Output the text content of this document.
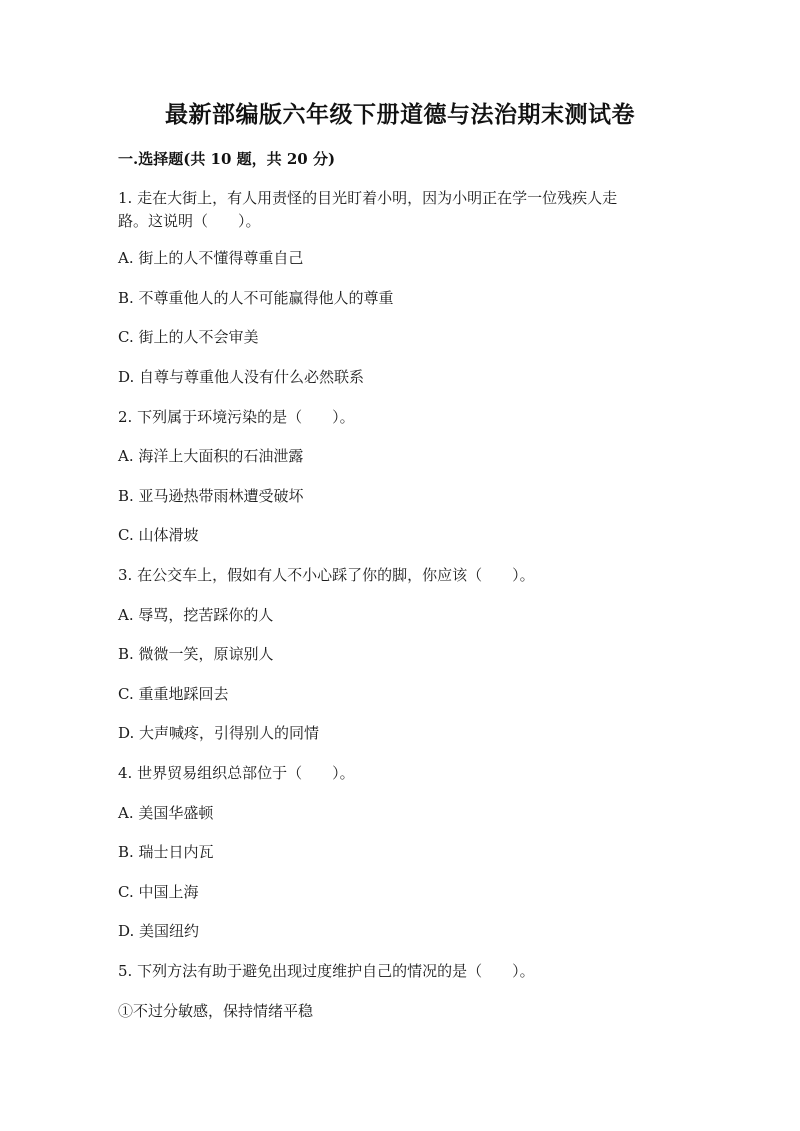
最新部编版六年级下册道德与法治期末测试卷
一.选择题(共 10 题，共 20 分)
1. 走在大街上，有人用责怪的目光盯着小明，因为小明正在学一位残疾人走
路。这说明（　　）。
A. 街上的人不懂得尊重自己
B. 不尊重他人的人不可能赢得他人的尊重
C. 街上的人不会审美
D. 自尊与尊重他人没有什么必然联系
2. 下列属于环境污染的是（　　）。
A. 海洋上大面积的石油泄露
B. 亚马逊热带雨林遭受破坏
C. 山体滑坡
3. 在公交车上，假如有人不小心踩了你的脚，你应该（　　）。
A. 辱骂，挖苦踩你的人
B. 微微一笑，原谅别人
C. 重重地踩回去
D. 大声喊疼，引得别人的同情
4. 世界贸易组织总部位于（　　）。
A. 美国华盛顿
B. 瑞士日内瓦
C. 中国上海
D. 美国纽约
5. 下列方法有助于避免出现过度维护自己的情况的是（　　）。
①不过分敏感，保持情绪平稳
